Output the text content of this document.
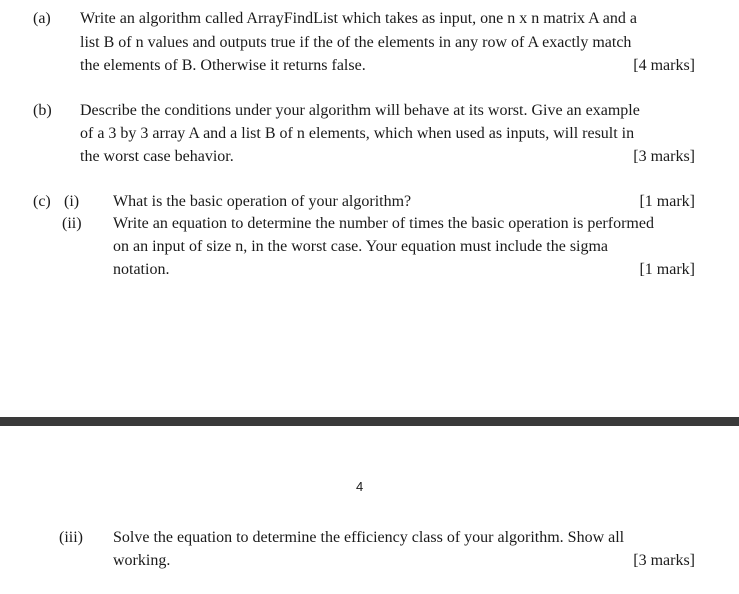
(a) Write an algorithm called ArrayFindList which takes as input, one n x n matrix A and a
list B of n values and outputs true if the of the elements in any row of A exactly match
the elements of B. Otherwise it returns false.	[4 marks]
(b) Describe the conditions under your algorithm will behave at its worst. Give an example
of a 3 by 3 array A and a list B of n elements, which when used as inputs, will result in
the worst case behavior.	[3 marks]
(c) (i) What is the basic operation of your algorithm?	[1 mark]
(ii) Write an equation to determine the number of times the basic operation is performed
on an input of size n, in the worst case. Your equation must include the sigma
notation.	[1 mark]
4
(iii) Solve the equation to determine the efficiency class of your algorithm. Show all
working.	[3 marks]
